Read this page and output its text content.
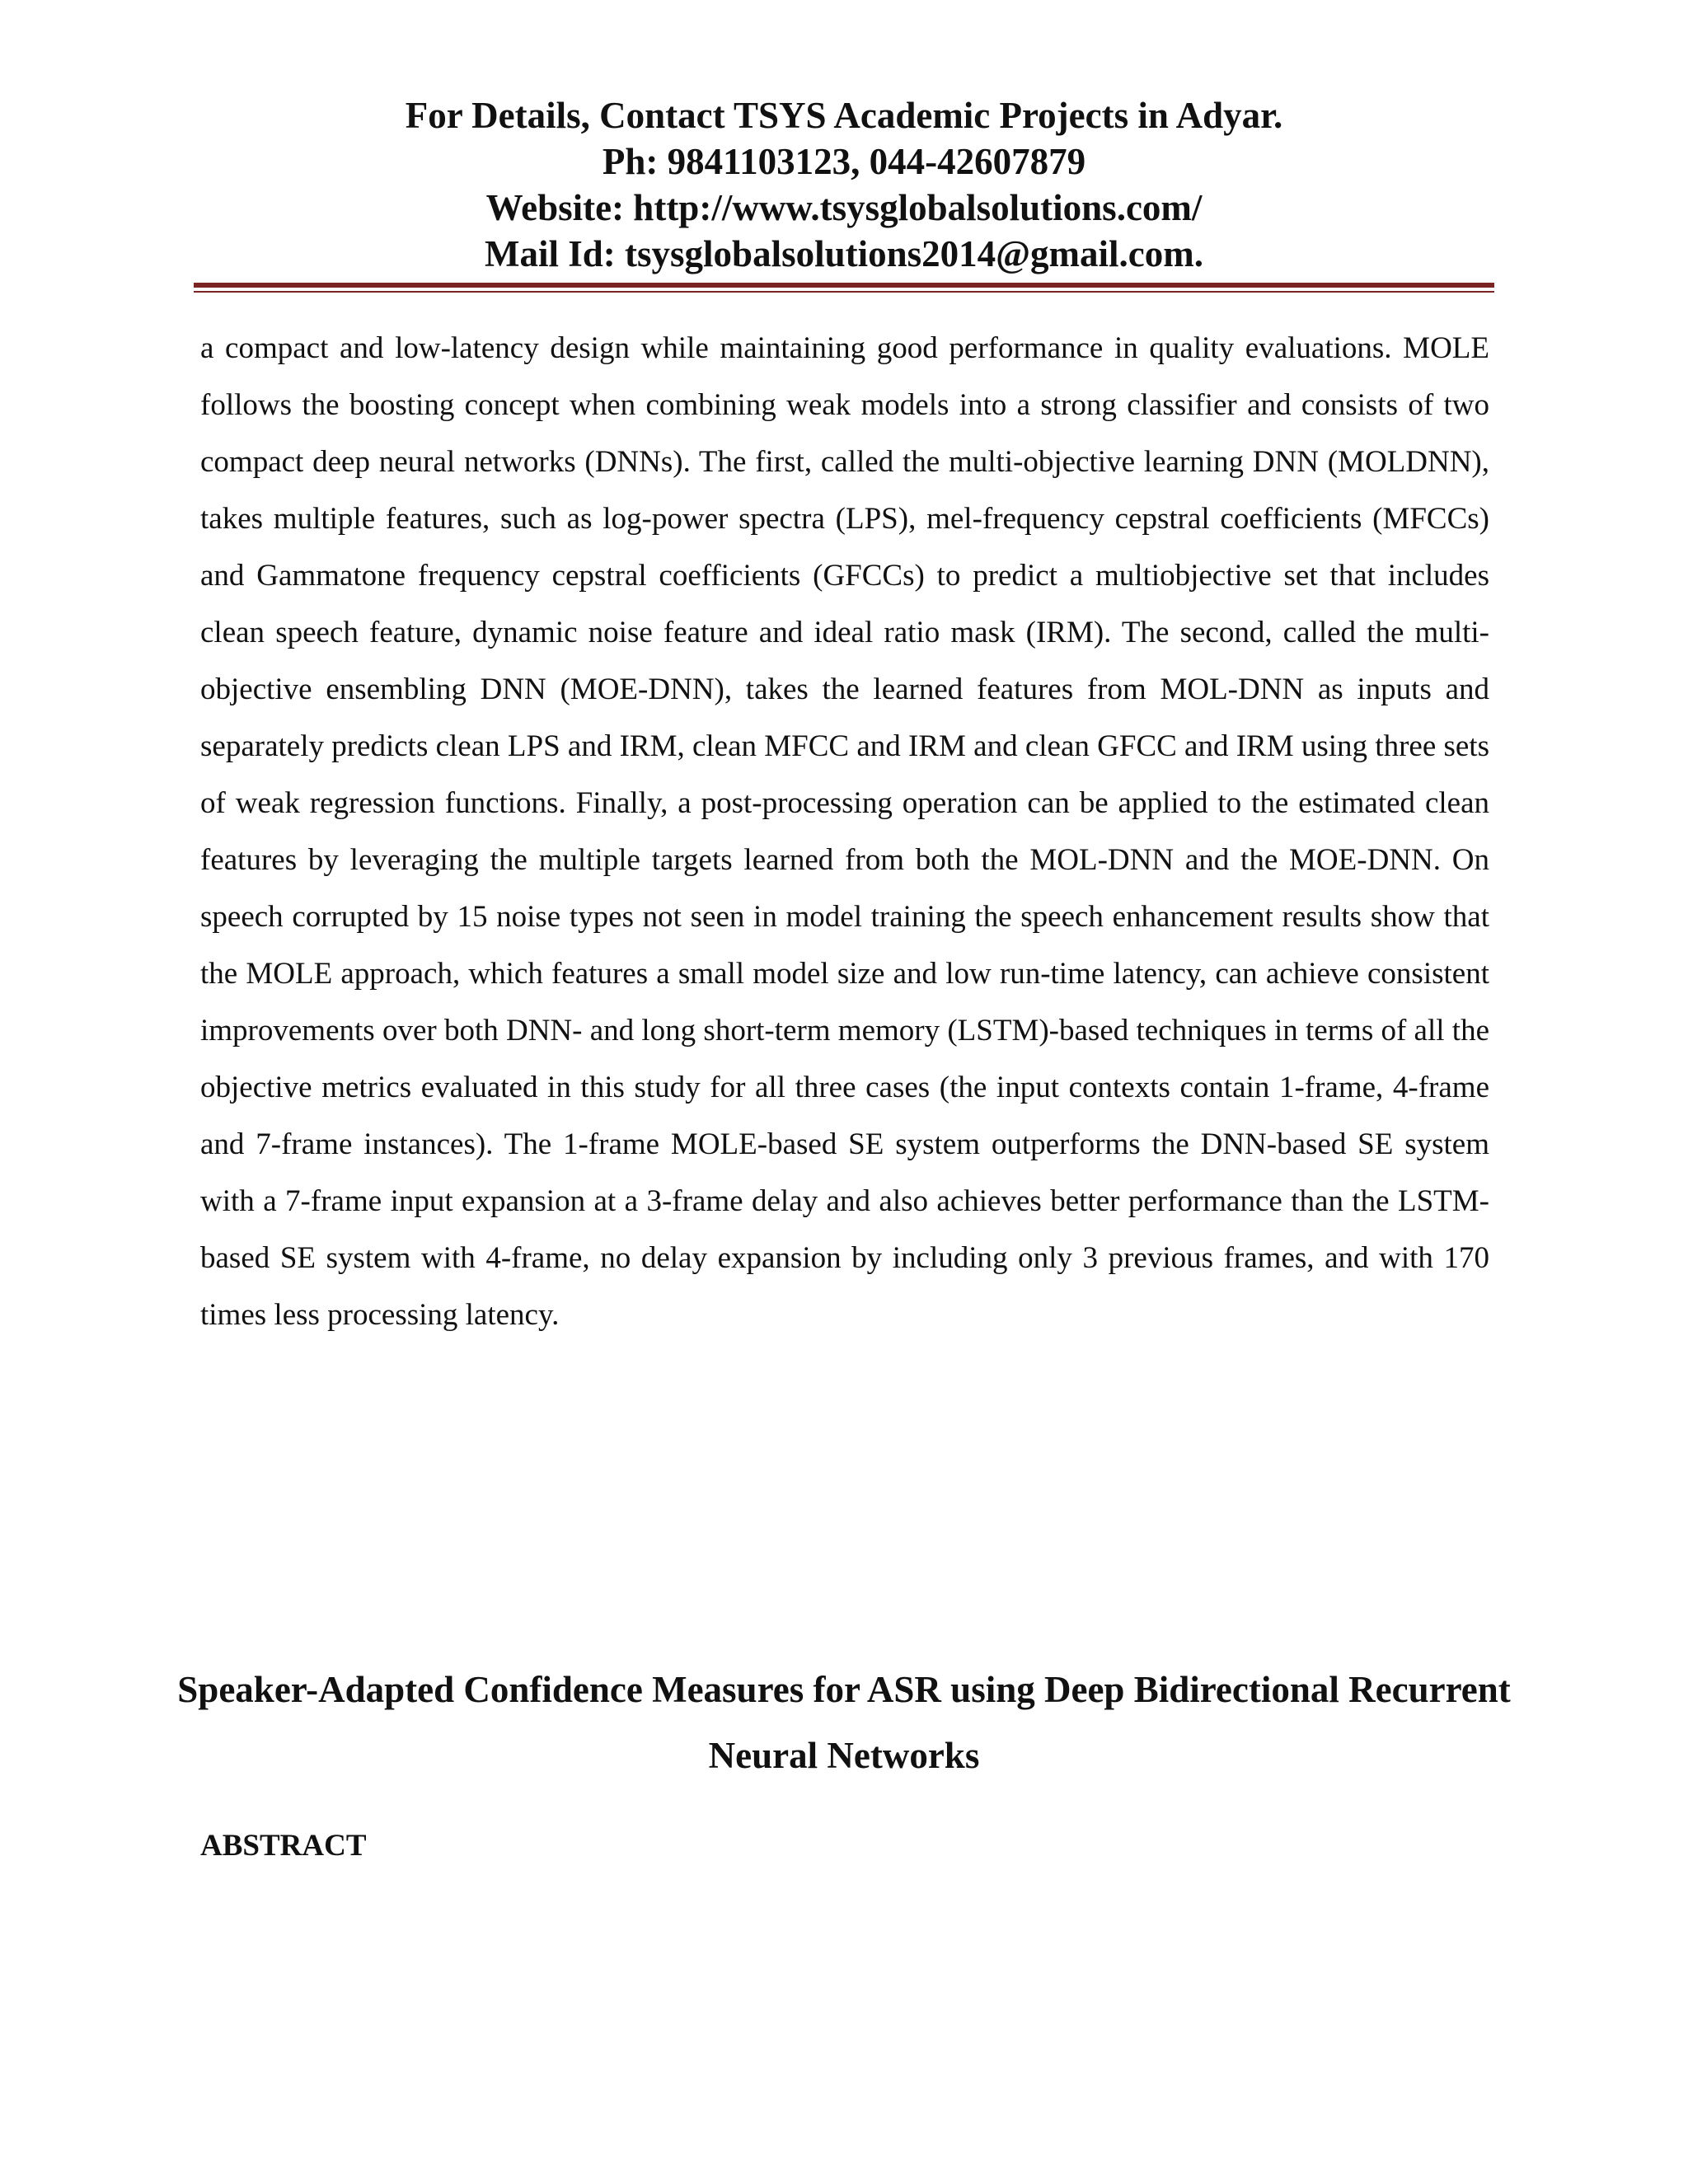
For Details, Contact TSYS Academic Projects in Adyar.
Ph: 9841103123, 044-42607879
Website: http://www.tsysglobalsolutions.com/
Mail Id: tsysglobalsolutions2014@gmail.com.

a compact and low-latency design while maintaining good performance in quality evaluations. MOLE follows the boosting concept when combining weak models into a strong classifier and consists of two compact deep neural networks (DNNs). The first, called the multi-objective learning DNN (MOLDNN), takes multiple features, such as log-power spectra (LPS), mel-frequency cepstral coefficients (MFCCs) and Gammatone frequency cepstral coefficients (GFCCs) to predict a multiobjective set that includes clean speech feature, dynamic noise feature and ideal ratio mask (IRM). The second, called the multi-objective ensembling DNN (MOE-DNN), takes the learned features from MOL-DNN as inputs and separately predicts clean LPS and IRM, clean MFCC and IRM and clean GFCC and IRM using three sets of weak regression functions. Finally, a post-processing operation can be applied to the estimated clean features by leveraging the multiple targets learned from both the MOL-DNN and the MOE-DNN. On speech corrupted by 15 noise types not seen in model training the speech enhancement results show that the MOLE approach, which features a small model size and low run-time latency, can achieve consistent improvements over both DNN- and long short-term memory (LSTM)-based techniques in terms of all the objective metrics evaluated in this study for all three cases (the input contexts contain 1-frame, 4-frame and 7-frame instances). The 1-frame MOLE-based SE system outperforms the DNN-based SE system with a 7-frame input expansion at a 3-frame delay and also achieves better performance than the LSTM-based SE system with 4-frame, no delay expansion by including only 3 previous frames, and with 170 times less processing latency.

Speaker-Adapted Confidence Measures for ASR using Deep Bidirectional Recurrent Neural Networks
ABSTRACT
